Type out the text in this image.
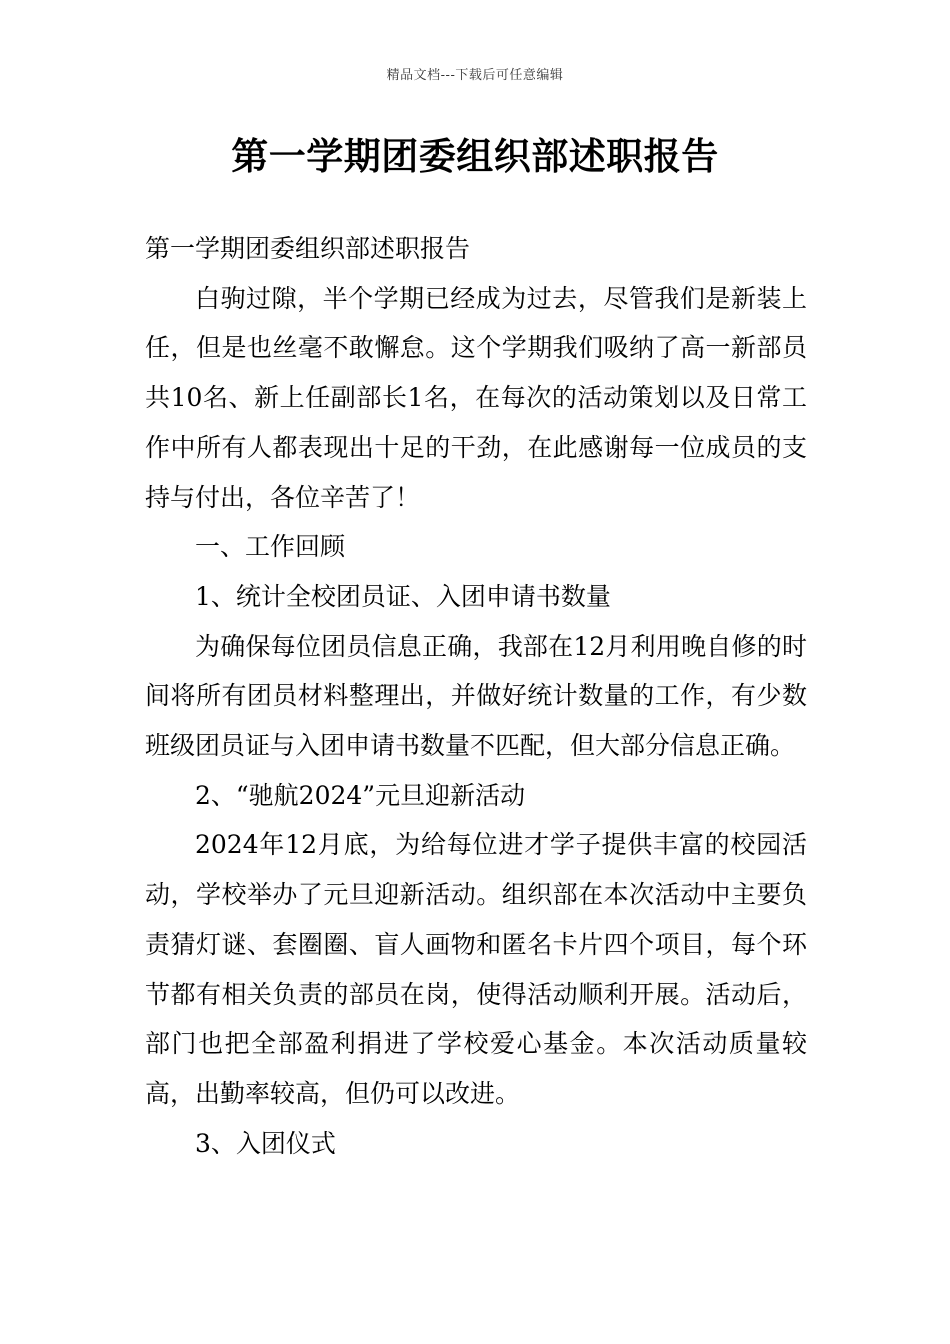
精品文档---下载后可任意编辑
第一学期团委组织部述职报告

第一学期团委组织部述职报告

白驹过隙，半个学期已经成为过去，尽管我们是新装上任，但是也丝毫不敢懈怠。这个学期我们吸纳了高一新部员共10名、新上任副部长1名，在每次的活动策划以及日常工作中所有人都表现出十足的干劲，在此感谢每一位成员的支持与付出，各位辛苦了！

一、工作回顾

1、统计全校团员证、入团申请书数量

为确保每位团员信息正确，我部在12月利用晚自修的时间将所有团员材料整理出，并做好统计数量的工作，有少数班级团员证与入团申请书数量不匹配，但大部分信息正确。

2、“驰航2024”元旦迎新活动

2024年12月底，为给每位进才学子提供丰富的校园活动，学校举办了元旦迎新活动。组织部在本次活动中主要负责猜灯谜、套圈圈、盲人画物和匿名卡片四个项目，每个环节都有相关负责的部员在岗，使得活动顺利开展。活动后，部门也把全部盈利捐进了学校爱心基金。本次活动质量较高，出勤率较高，但仍可以改进。

3、入团仪式
